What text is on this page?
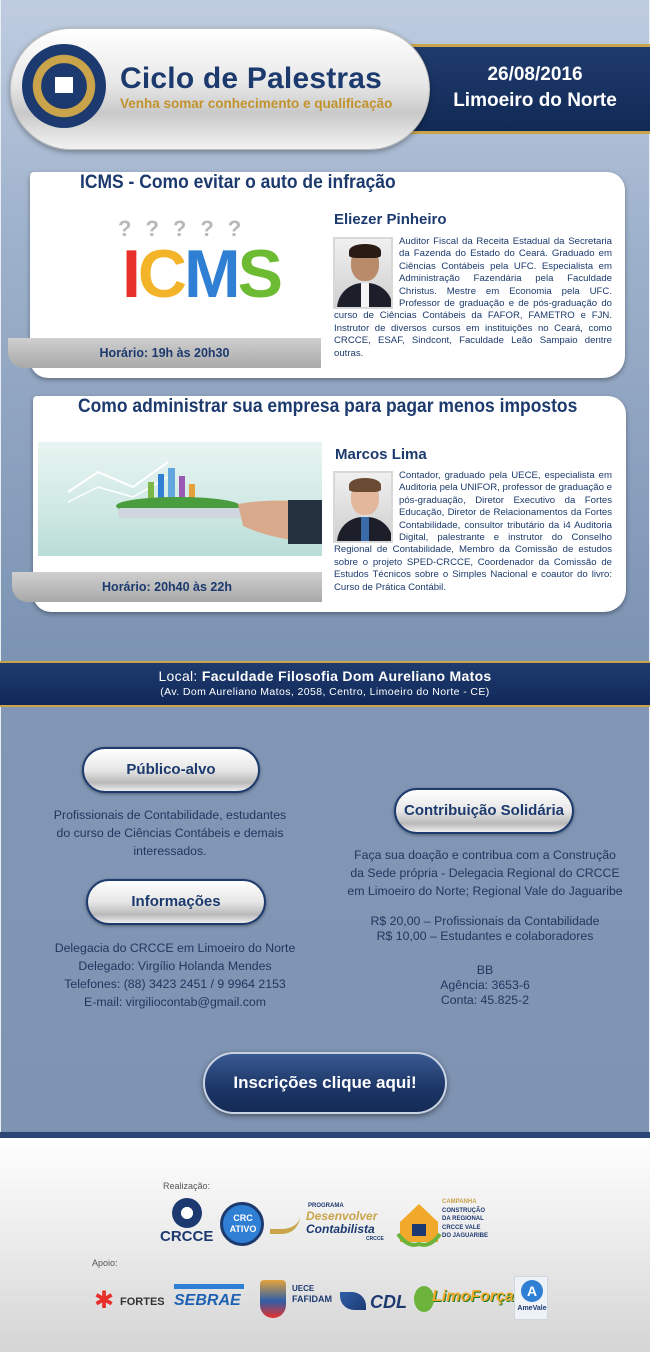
26/08/2016
Limoeiro do Norte
Ciclo de Palestras
Venha somar conhecimento e qualificação
ICMS - Como evitar o auto de infração
?????
ICMS
Horário: 19h às 20h30
Eliezer Pinheiro
Auditor Fiscal da Receita Estadual da Secretaria da Fazenda do Estado do Ceará. Graduado em Ciências Contábeis pela UFC. Especialista em Administração Fazendária pela Faculdade Christus. Mestre em Economia pela UFC. Professor de graduação e de pós-graduação do curso de Ciências Contábeis da FAFOR, FAMETRO e FJN. Instrutor de diversos cursos em instituições no Ceará, como CRCCE, ESAF, Sindcont, Faculdade Leão Sampaio dentre outras.
Como administrar sua empresa para pagar menos impostos
Horário: 20h40 às 22h
Marcos Lima
Contador, graduado pela UECE, especialista em Auditoria pela UNIFOR, professor de graduação e pós-graduação, Diretor Executivo da Fortes Educação, Diretor de Relacionamentos da Fortes Contabilidade, consultor tributário da i4 Auditoria Digital, palestrante e instrutor do Conselho Regional de Contabilidade, Membro da Comissão de estudos sobre o projeto SPED-CRCCE, Coordenador da Comissão de Estudos Técnicos sobre o Simples Nacional e coautor do livro: Curso de Prática Contábil.
Local: Faculdade Filosofia Dom Aureliano Matos
(Av. Dom Aureliano Matos, 2058, Centro, Limoeiro do Norte - CE)
Público-alvo
Profissionais de Contabilidade, estudantes do curso de Ciências Contábeis e demais interessados.
Informações
Delegacia do CRCCE em Limoeiro do Norte
Delegado: Virgílio Holanda Mendes
Telefones: (88) 3423 2451 / 9 9964 2153
E-mail: virgiliocontab@gmail.com
Contribuição Solidária
Faça sua doação e contribua com a Construção
da Sede própria - Delegacia Regional do CRCCE
em Limoeiro do Norte; Regional Vale do Jaguaribe
R$ 20,00 – Profissionais da Contabilidade
R$ 10,00 – Estudantes e colaboradores
BB
Agência: 3653-6
Conta: 45.825-2
Inscrições clique aqui!
Realização:
Apoio:
CRCCE
CRC ATIVO
PROGRAMA
Desenvolver
Contabilista
CRCCE
CAMPANHA
CONSTRUÇÃO
DA REGIONAL
CRCCE VALE
DO JAGUARIBE
✱ FORTES SEBRAE
UECE
FAFIDAM CDL LimoForça A
AmeVale
